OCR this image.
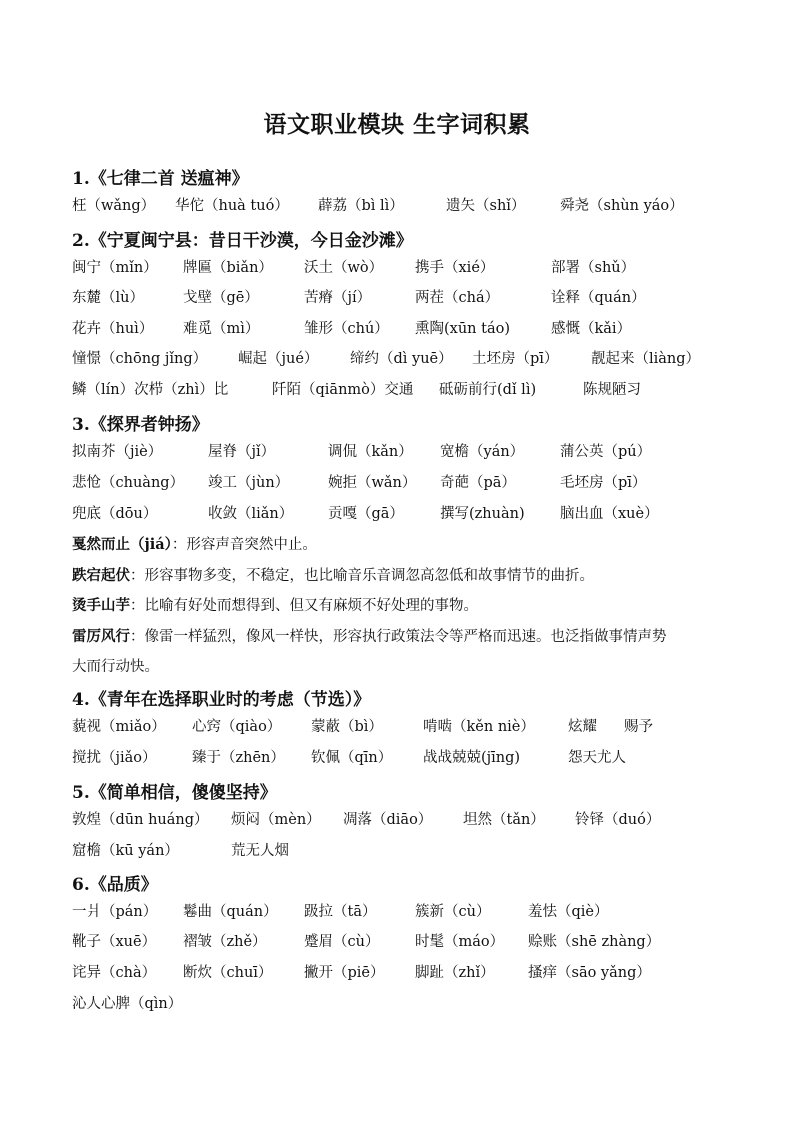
语文职业模块 生字词积累
1.《七律二首 送瘟神》
枉（wǎng） 华佗（huà tuó） 薜荔（bì lì）	遗矢（shǐ） 舜尧（shùn yáo）
2.《宁夏闽宁县：昔日干沙漠，今日金沙滩》
闽宁（mǐn） 牌匾（biǎn） 沃土（wò） 携手（xié）	部署（shǔ）
东麓（lù）	戈壁（gē）	苦瘠（jí）	两茬（chá）	诠释（quán）
花卉（huì） 难觅（mì）	雏形（chú） 熏陶(xūn táo)	感慨（kǎi）
憧憬（chōng jǐng） 崛起（jué） 缔约（dì yuē） 土坯房（pī） 靓起来（liàng）
鳞（lín）次栉（zhì）比	阡陌（qiānmò）交通 砥砺前行(dǐ lì)	陈规陋习
3.《探界者钟扬》
拟南芥（jiè）	屋脊（jǐ）	调侃（kǎn） 宽檐（yán） 蒲公英（pú）
悲怆（chuàng） 竣工（jùn）	婉拒（wǎn） 奇葩（pā）	毛坯房（pī）
兜底（dōu）	收敛（liǎn） 贡嘎（gā） 撰写(zhuàn) 脑出血（xuè）
戛然而止（jiá）：形容声音突然中止。
跌宕起伏：形容事物多变，不稳定，也比喻音乐音调忽高忽低和故事情节的曲折。
烫手山芋：比喻有好处而想得到、但又有麻烦不好处理的事物。
雷厉风行：像雷一样猛烈，像风一样快，形容执行政策法令等严格而迅速。也泛指做事情声势
大而行动快。
4.《青年在选择职业时的考虑（节选）》
藐视（miǎo） 心窍（qiào） 蒙蔽（bì）	啃啮（kěn niè） 炫耀 赐予
搅扰（jiǎo） 臻于（zhēn） 钦佩（qīn） 战战兢兢(jīng)	怨天尤人
5.《简单相信，傻傻坚持》
敦煌（dūn huáng） 烦闷（mèn） 凋落（diāo） 坦然（tǎn） 铃铎（duó）
窟檐（kū yán）	荒无人烟
6.《品质》
一爿（pán） 鬈曲（quán） 趿拉（tā）	簇新（cù）	羞怯（qiè）
靴子（xuē） 褶皱（zhě）	蹙眉（cù） 时髦（máo） 赊账（shē zhàng）
诧异（chà） 断炊（chuī） 撇开（piē） 脚趾（zhǐ） 搔痒（sāo yǎng）
沁人心脾（qìn）
